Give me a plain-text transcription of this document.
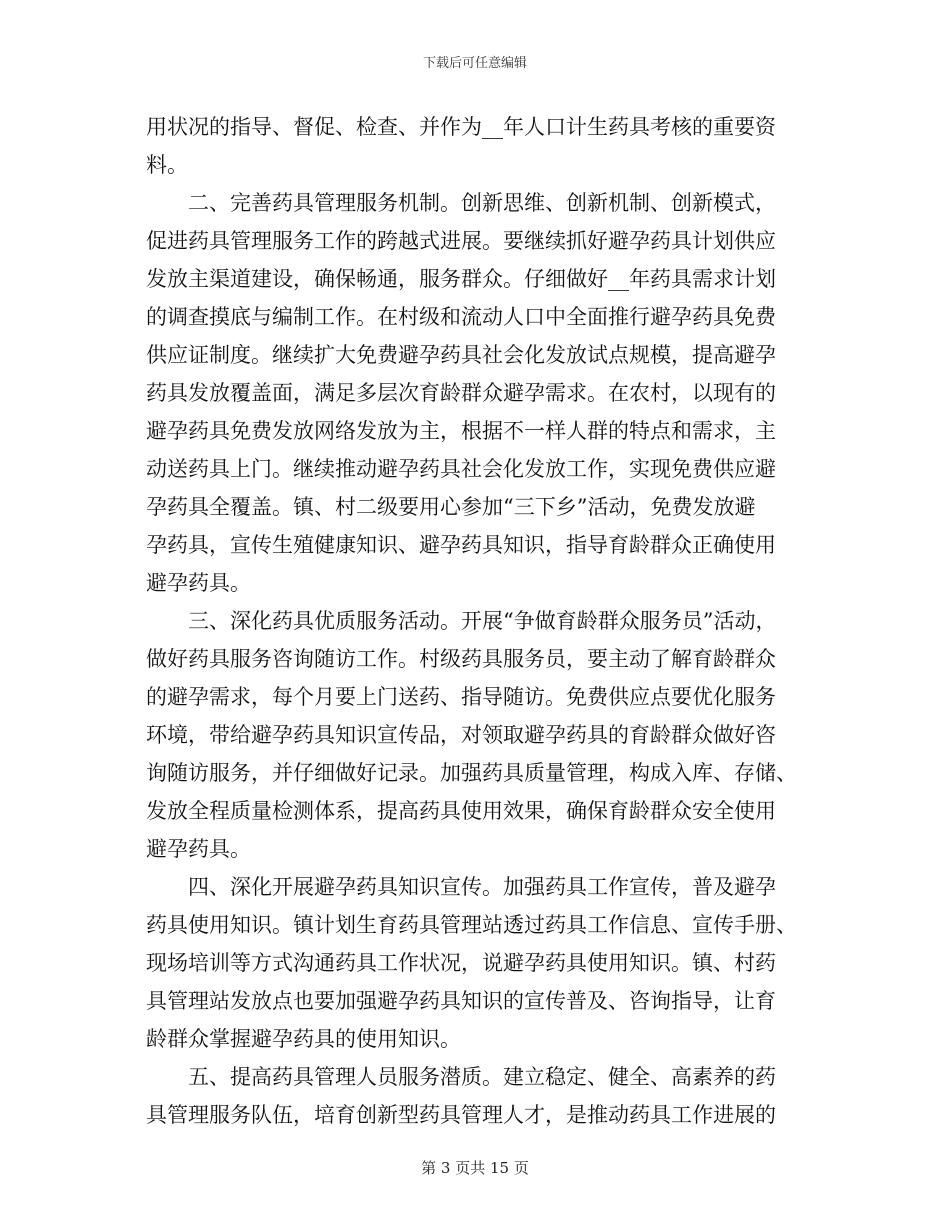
下载后可任意编辑

用状况的指导、督促、检查、并作为__年人口计生药具考核的重要资
料。

　　二、完善药具管理服务机制。创新思维、创新机制、创新模式，
促进药具管理服务工作的跨越式进展。要继续抓好避孕药具计划供应
发放主渠道建设，确保畅通，服务群众。仔细做好__年药具需求计划
的调查摸底与编制工作。在村级和流动人口中全面推行避孕药具免费
供应证制度。继续扩大免费避孕药具社会化发放试点规模，提高避孕
药具发放覆盖面，满足多层次育龄群众避孕需求。在农村，以现有的
避孕药具免费发放网络发放为主，根据不一样人群的特点和需求，主
动送药具上门。继续推动避孕药具社会化发放工作，实现免费供应避
孕药具全覆盖。镇、村二级要用心参加“三下乡”活动，免费发放避
孕药具，宣传生殖健康知识、避孕药具知识，指导育龄群众正确使用
避孕药具。

　　三、深化药具优质服务活动。开展“争做育龄群众服务员”活动，
做好药具服务咨询随访工作。村级药具服务员，要主动了解育龄群众
的避孕需求，每个月要上门送药、指导随访。免费供应点要优化服务
环境，带给避孕药具知识宣传品，对领取避孕药具的育龄群众做好咨
询随访服务，并仔细做好记录。加强药具质量管理，构成入库、存储、
发放全程质量检测体系，提高药具使用效果，确保育龄群众安全使用
避孕药具。

　　四、深化开展避孕药具知识宣传。加强药具工作宣传，普及避孕
药具使用知识。镇计划生育药具管理站透过药具工作信息、宣传手册、
现场培训等方式沟通药具工作状况，说避孕药具使用知识。镇、村药
具管理站发放点也要加强避孕药具知识的宣传普及、咨询指导，让育
龄群众掌握避孕药具的使用知识。

　　五、提高药具管理人员服务潜质。建立稳定、健全、高素养的药
具管理服务队伍，培育创新型药具管理人才，是推动药具工作进展的

第 3 页共 15 页
